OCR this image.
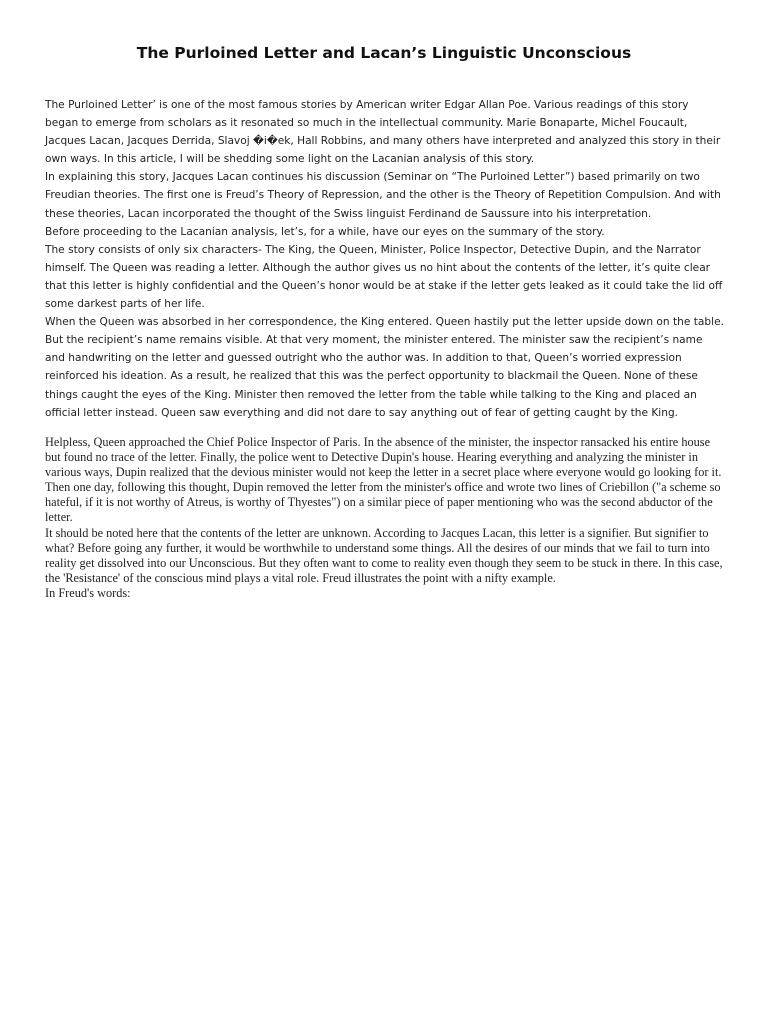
The Purloined Letter and Lacan’s Linguistic Unconscious

The Purloined Letter’ is one of the most famous stories by American writer Edgar Allan Poe. Various readings of this story began to emerge from scholars as it resonated so much in the intellectual community. Marie Bonaparte, Michel Foucault, Jacques Lacan, Jacques Derrida, Slavoj �i�ek, Hall Robbins, and many others have interpreted and analyzed this story in their own ways. In this article, I will be shedding some light on the Lacanian analysis of this story.

In explaining this story, Jacques Lacan continues his discussion (Seminar on “The Purloined Letter”) based primarily on two Freudian theories. The first one is Freud’s Theory of Repression, and the other is the Theory of Repetition Compulsion. And with these theories, Lacan incorporated the thought of the Swiss linguist Ferdinand de Saussure into his interpretation.

Before proceeding to the Lacanian analysis, let’s, for a while, have our eyes on the summary of the story.

The story consists of only six characters- The King, the Queen, Minister, Police Inspector, Detective Dupin, and the Narrator himself. The Queen was reading a letter. Although the author gives us no hint about the contents of the letter, it’s quite clear that this letter is highly confidential and the Queen’s honor would be at stake if the letter gets leaked as it could take the lid off some darkest parts of her life.

When the Queen was absorbed in her correspondence, the King entered. Queen hastily put the letter upside down on the table. But the recipient’s name remains visible. At that very moment, the minister entered. The minister saw the recipient’s name and handwriting on the letter and guessed outright who the author was. In addition to that, Queen’s worried expression reinforced his ideation. As a result, he realized that this was the perfect opportunity to blackmail the Queen. None of these things caught the eyes of the King. Minister then removed the letter from the table while talking to the King and placed an official letter instead. Queen saw everything and did not dare to say anything out of fear of getting caught by the King.

Helpless, Queen approached the Chief Police Inspector of Paris. In the absence of the minister, the inspector ransacked his entire house but found no trace of the letter. Finally, the police went to Detective Dupin's house. Hearing everything and analyzing the minister in various ways, Dupin realized that the devious minister would not keep the letter in a secret place where everyone would go looking for it. Then one day, following this thought, Dupin removed the letter from the minister's office and wrote two lines of Criebillon ("a scheme so hateful, if it is not worthy of Atreus, is worthy of Thyestes") on a similar piece of paper mentioning who was the second abductor of the letter.

It should be noted here that the contents of the letter are unknown. According to Jacques Lacan, this letter is a signifier. But signifier to what? Before going any further, it would be worthwhile to understand some things. All the desires of our minds that we fail to turn into reality get dissolved into our Unconscious. But they often want to come to reality even though they seem to be stuck in there. In this case, the 'Resistance' of the conscious mind plays a vital role. Freud illustrates the point with a nifty example.

In Freud's words:
